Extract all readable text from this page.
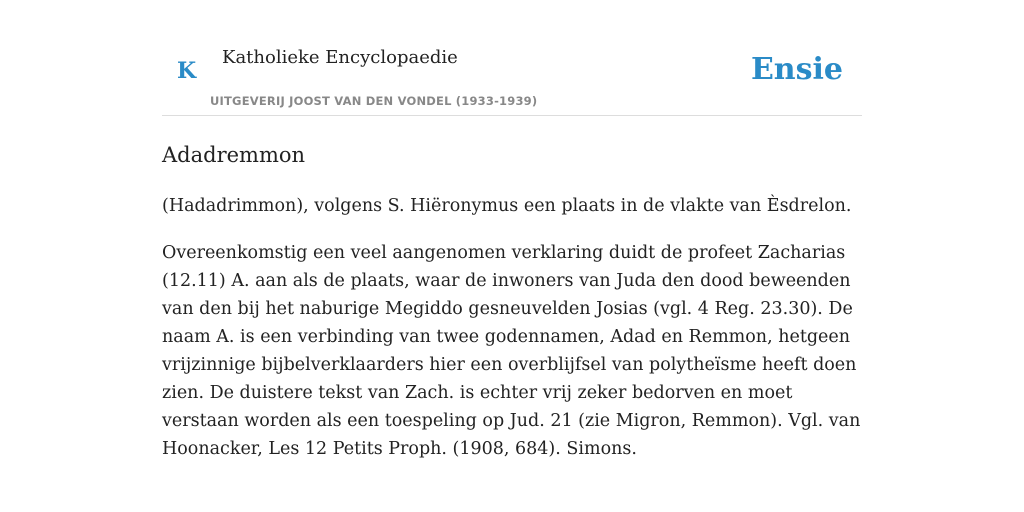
K
Katholieke Encyclopaedie
UITGEVERIJ JOOST VAN DEN VONDEL (1933-1939)
Ensie
Adadremmon

(Hadadrimmon), volgens S. Hiëronymus een plaats in de vlakte van Èsdrelon.

Overeenkomstig een veel aangenomen verklaring duidt de profeet Zacharias (12.11) A. aan als de plaats, waar de inwoners van Juda den dood beweenden van den bij het naburige Megiddo gesneuvelden Josias (vgl. 4 Reg. 23.30). De naam A. is een verbinding van twee godennamen, Adad en Remmon, hetgeen vrijzinnige bijbelverklaarders hier een overblijfsel van polytheïsme heeft doen zien. De duistere tekst van Zach. is echter vrij zeker bedorven en moet verstaan worden als een toespeling op Jud. 21 (zie Migron, Remmon). Vgl. van Hoonacker, Les 12 Petits Proph. (1908, 684). Simons.
